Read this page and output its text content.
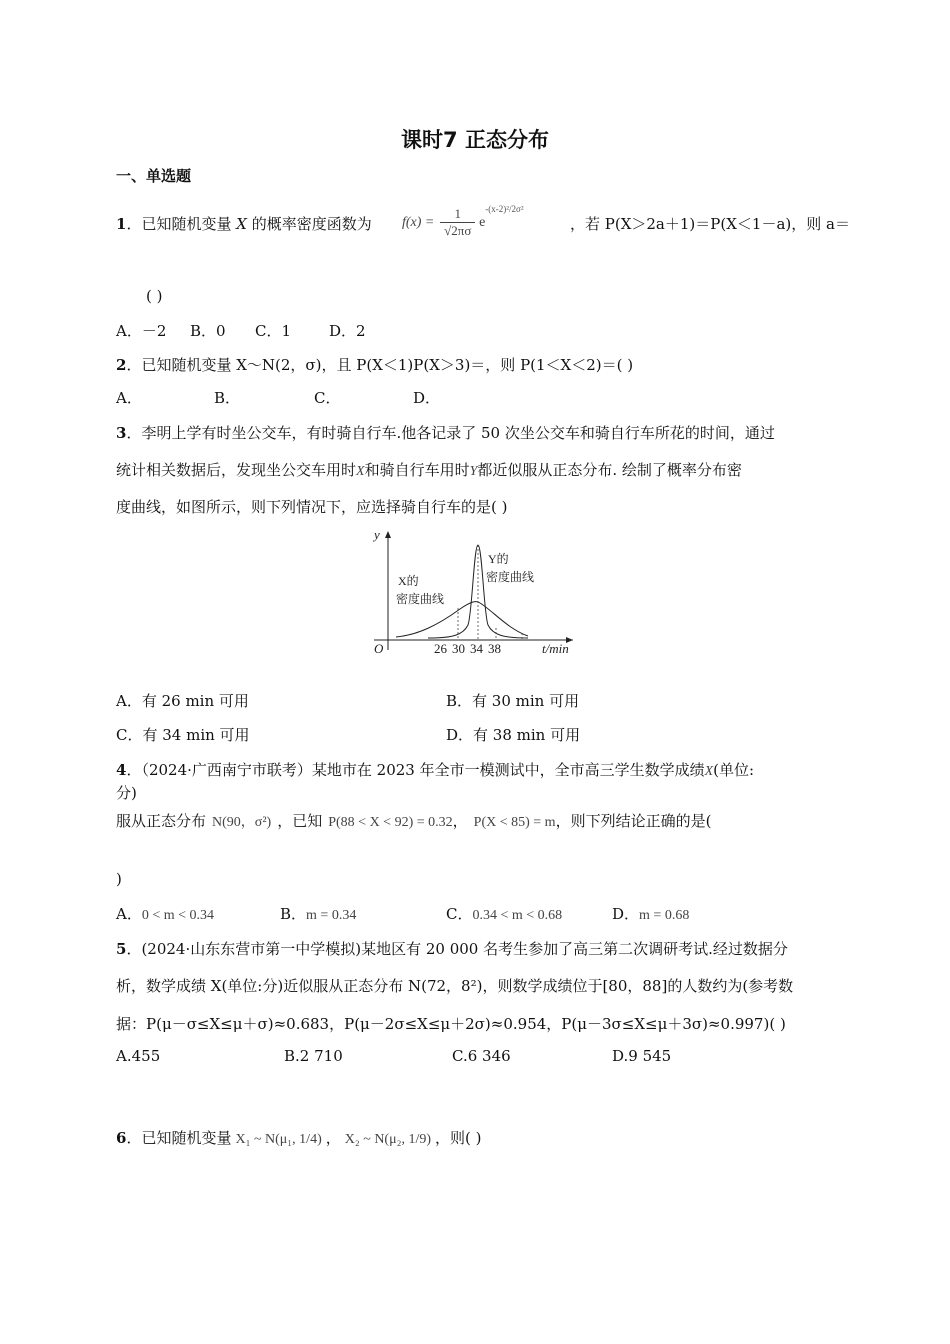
课时7 正态分布
一、单选题
1．已知随机变量 X 的概率密度函数为 $f(x) = \frac{1}{√2\pi\sigma} e^{-(x-2)^2/2\sigma^2}$
，若 P(X＞2a＋1)＝P(X＜1－a)，则 a＝
( )
A．－2 B．0 C．1	D．2
2．已知随机变量 X～N(2，σ)，且 P(X＜1)P(X＞3)＝，则 P(1＜X＜2)＝( )
A．	B．	C．	D．
3．李明上学有时坐公交车，有时骑自行车.他各记录了 50 次坐公交车和骑自行车所花的时间，通过
统计相关数据后，发现坐公交车用时X和骑自行车用时Y都近似服从正态分布. 绘制了概率分布密
度曲线，如图所示，则下列情况下，应选择骑自行车的是( )
y
t/min
O	26 30 34 38
X的
密度曲线
Y的
密度曲线
A．有 26 min 可用	B．有 30 min 可用
C．有 34 min 可用	D．有 38 min 可用
4．（2024·广西南宁市联考）某地市在 2023 年全市一模测试中，全市高三学生数学成绩X(单位:
分)
服从正态分布 N(90，σ²) ，已知 P(88 < X < 92) = 0.32， P(X < 85) = m，则下列结论正确的是(
)
A．0 < m < 0.34	B．m = 0.34	C．0.34 < m < 0.68	D．m = 0.68
5．(2024·山东东营市第一中学模拟)某地区有 20 000 名考生参加了高三第二次调研考试.经过数据分
析，数学成绩 X(单位:分)近似服从正态分布 N(72，8²)，则数学成绩位于[80，88]的人数约为(参考数
据：P(μ－σ≤X≤μ＋σ)≈0.683，P(μ－2σ≤X≤μ＋2σ)≈0.954，P(μ－3σ≤X≤μ＋3σ)≈0.997)( )
A.455	B.2 710	C.6 346	D.9 545
6．已知随机变量 X₁ ~ N(μ₁, 1/4) ， X₂ ~ N(μ₂, 1/9) ，则( )
